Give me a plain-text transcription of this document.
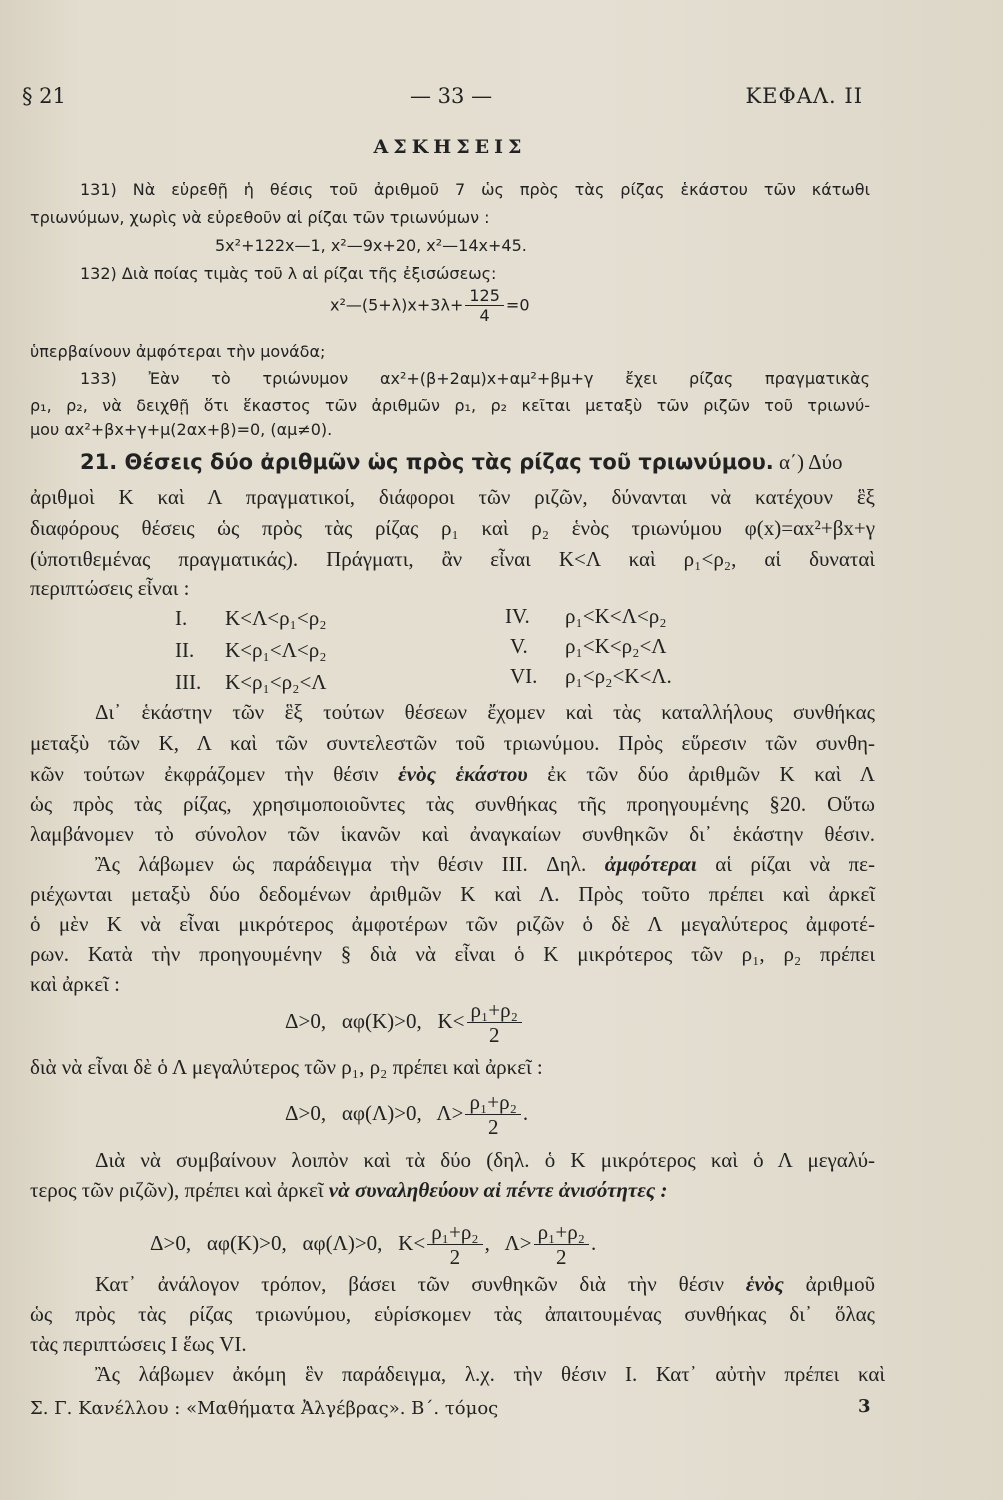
§ 21	— 33 —	ΚΕΦΑΛ. ΙΙ
ΑΣΚΗΣΕΙΣ
131) Νὰ εὑρεθῇ ἡ θέσις τοῦ ἀριθμοῦ 7 ὡς πρὸς τὰς ρίζας ἑκάστου τῶν κάτωθι
τριωνύμων, χωρὶς νὰ εὑρεθοῦν αἱ ρίζαι τῶν τριωνύμων :
5x²+122x—1, x²—9x+20, x²—14x+45.
132) Διὰ ποίας τιμὰς τοῦ λ αἱ ρίζαι τῆς ἐξισώσεως:
x²—(5+λ)x+3λ+ $\frac{125}{4} =0$
ὑπερβαίνουν ἀμφότεραι τὴν μονάδα;
133) Ἐὰν τὸ τριώνυμον αx²+(β+2αμ)x+αμ²+βμ+γ ἔχει ρίζας πραγματικὰς
ρ₁, ρ₂, νὰ δειχθῇ ὅτι ἕκαστος τῶν ἀριθμῶν ρ₁, ρ₂ κεῖται μεταξὺ τῶν ριζῶν τοῦ τριωνύ-
μου αx²+βx+γ+μ(2αx+β)=0, (αμ≠0).
21. Θέσεις δύο ἀριθμῶν ὡς πρὸς τὰς ρίζας τοῦ τριωνύμου. α΄) Δύο
ἀριθμοὶ Κ καὶ Λ πραγματικοί, διάφοροι τῶν ριζῶν, δύνανται νὰ κατέχουν ἓξ
διαφόρους θέσεις ὡς πρὸς τὰς ρίζας ρ₁ καὶ ρ₂ ἑνὸς τριωνύμου φ(x)=αx²+βx+γ
(ὑποτιθεμένας πραγματικάς). Πράγματι, ἂν εἶναι Κ<Λ καὶ ρ₁<ρ₂, αἱ δυναταὶ
περιπτώσεις εἶναι :
I. Κ<Λ<ρ₁<ρ₂	IV. ρ₁<Κ<Λ<ρ₂
II. Κ<ρ₁<Λ<ρ₂	V. ρ₁<Κ<ρ₂<Λ
III. Κ<ρ₁<ρ₂<Λ	VI. ρ₁<ρ₂<Κ<Λ.
Δι᾽ ἑκάστην τῶν ἓξ τούτων θέσεων ἔχομεν καὶ τὰς καταλλήλους συνθήκας
μεταξὺ τῶν Κ, Λ καὶ τῶν συντελεστῶν τοῦ τριωνύμου. Πρὸς εὕρεσιν τῶν συνθη-
κῶν τούτων ἐκφράζομεν τὴν θέσιν ἑνὸς ἑκάστου ἐκ τῶν δύο ἀριθμῶν Κ καὶ Λ
ὡς πρὸς τὰς ρίζας, χρησιμοποιοῦντες τὰς συνθήκας τῆς προηγουμένης §20. Οὕτω
λαμβάνομεν τὸ σύνολον τῶν ἱκανῶν καὶ ἀναγκαίων συνθηκῶν δι᾽ ἑκάστην θέσιν.
Ἂς λάβωμεν ὡς παράδειγμα τὴν θέσιν III. Δηλ. ἀμφότεραι αἱ ρίζαι νὰ πε-
ριέχωνται μεταξὺ δύο δεδομένων ἀριθμῶν Κ καὶ Λ. Πρὸς τοῦτο πρέπει καὶ ἀρκεῖ
ὁ μὲν Κ νὰ εἶναι μικρότερος ἀμφοτέρων τῶν ριζῶν ὁ δὲ Λ μεγαλύτερος ἀμφοτέ-
ρων. Κατὰ τὴν προηγουμένην § διὰ νὰ εἶναι ὁ Κ μικρότερος τῶν ρ₁, ρ₂ πρέπει
καὶ ἀρκεῖ :
Δ>0, αφ(Κ)>0, $K< \frac{\text{ρ₁+ρ₂}}{2}$
διὰ νὰ εἶναι δὲ ὁ Λ μεγαλύτερος τῶν ρ₁, ρ₂ πρέπει καὶ ἀρκεῖ :
Δ>0, αφ(Λ)>0, $\Lambda> \frac{\text{ρ₁+ρ₂}}{2}$ .
Διὰ νὰ συμβαίνουν λοιπὸν καὶ τὰ δύο (δηλ. ὁ Κ μικρότερος καὶ ὁ Λ μεγαλύ-
τερος τῶν ριζῶν), πρέπει καὶ ἀρκεῖ νὰ συναληθεύουν αἱ πέντε ἀνισότητες :
Δ>0, αφ(Κ)>0, αφ(Λ)>0, $K< \frac{\text{ρ₁+ρ₂}}{2}$ , $\Lambda> \frac{\text{ρ₁+ρ₂}}{2}$ .
Κατ᾽ ἀνάλογον τρόπον, βάσει τῶν συνθηκῶν διὰ τὴν θέσιν ἑνὸς ἀριθμοῦ
ὡς πρὸς τὰς ρίζας τριωνύμου, εὑρίσκομεν τὰς ἀπαιτουμένας συνθήκας δι᾽ ὅλας
τὰς περιπτώσεις I ἕως VI.
Ἂς λάβωμεν ἀκόμη ἓν παράδειγμα, λ.χ. τὴν θέσιν I. Κατ᾽ αὐτὴν πρέπει καὶ
Σ. Γ. Κανέλλου : «Μαθήματα Ἀλγέβρας». Β΄. τόμος	3
